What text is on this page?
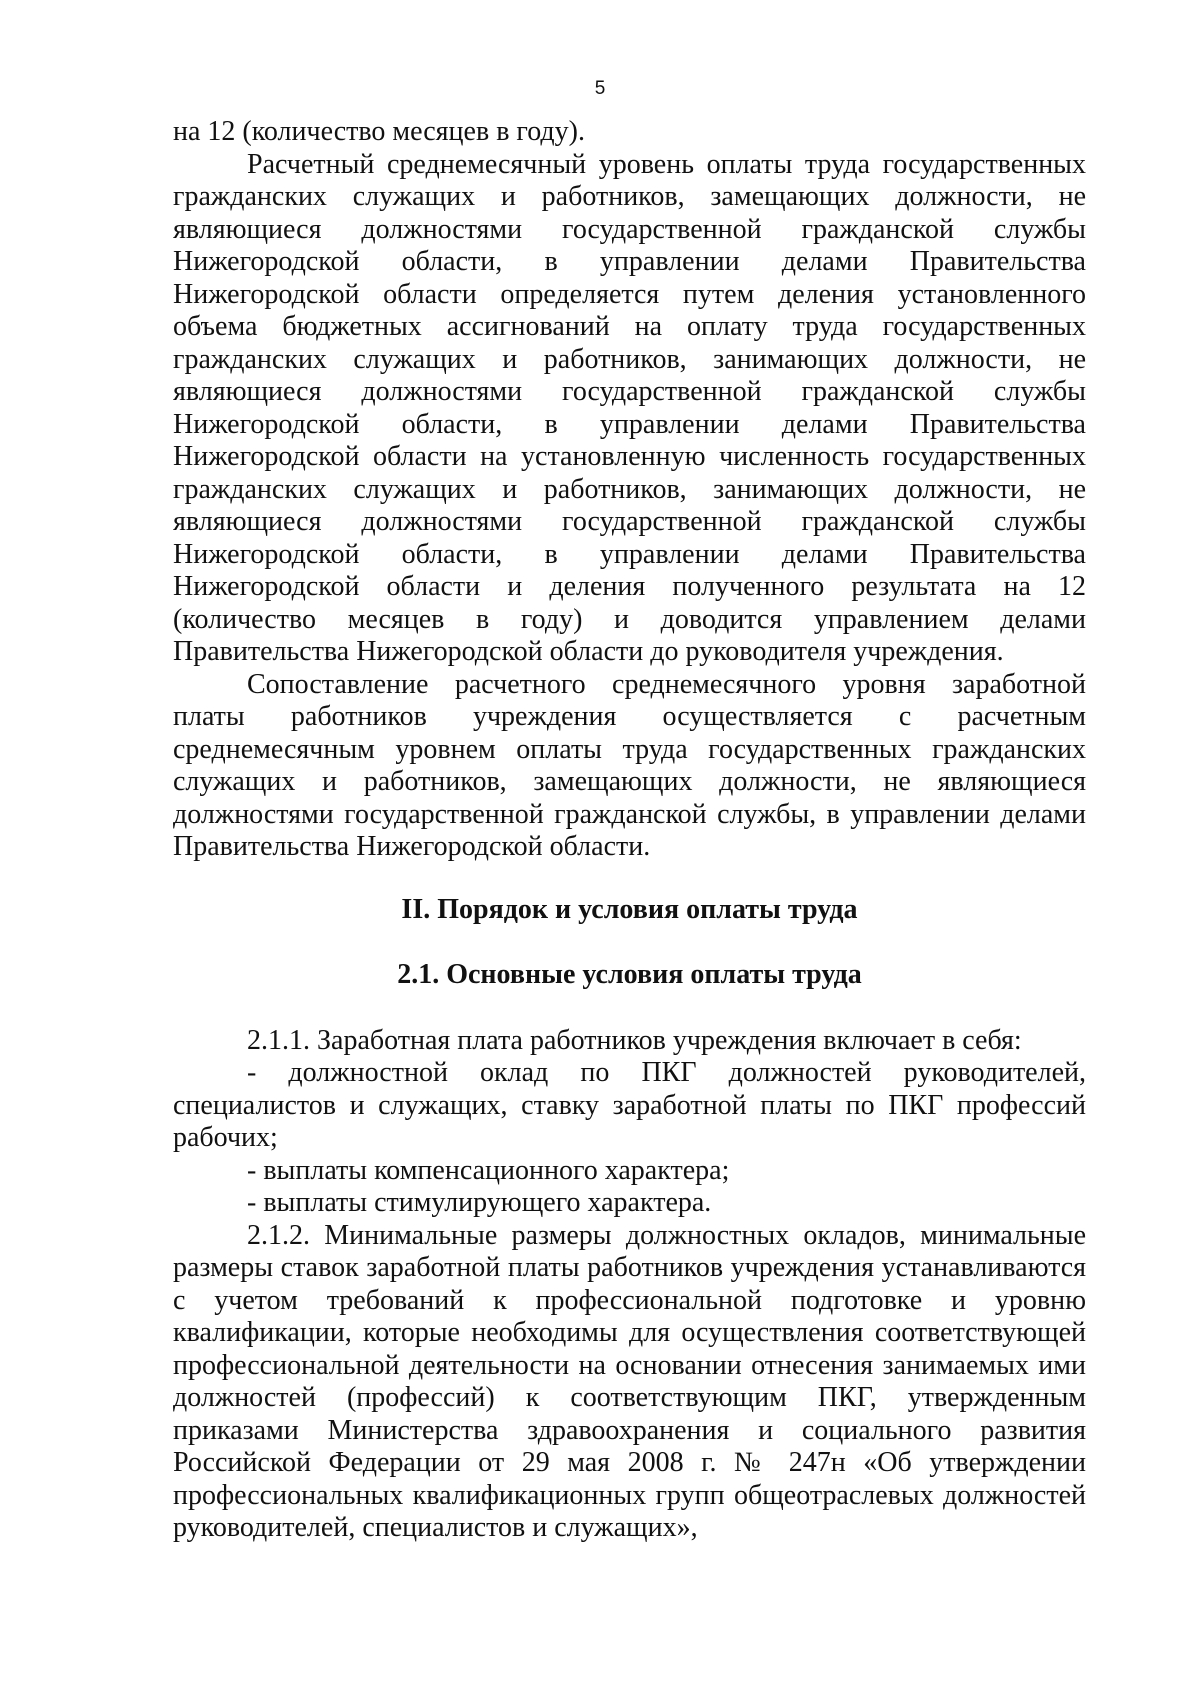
5

на 12 (количество месяцев в году).

Расчетный среднемесячный уровень оплаты труда государственных гражданских служащих и работников, замещающих должности, не являющиеся должностями государственной гражданской службы Нижегородской области, в управлении делами Правительства Нижегородской области определяется путем деления установленного объема бюджетных ассигнований на оплату труда государственных гражданских служащих и работников, занимающих должности, не являющиеся должностями государственной гражданской службы Нижегородской области, в управлении делами Правительства Нижегородской области на установленную численность государственных гражданских служащих и работников, занимающих должности, не являющиеся должностями государственной гражданской службы Нижегородской области, в управлении делами Правительства Нижегородской области и деления полученного результата на 12 (количество месяцев в году) и доводится управлением делами Правительства Нижегородской области до руководителя учреждения.

Сопоставление расчетного среднемесячного уровня заработной платы работников учреждения осуществляется с расчетным среднемесячным уровнем оплаты труда государственных гражданских служащих и работников, замещающих должности, не являющиеся должностями государственной гражданской службы, в управлении делами Правительства Нижегородской области.

II. Порядок и условия оплаты труда

2.1. Основные условия оплаты труда

2.1.1. Заработная плата работников учреждения включает в себя:

- должностной оклад по ПКГ должностей руководителей, специалистов и служащих, ставку заработной платы по ПКГ профессий рабочих;

- выплаты компенсационного характера;

- выплаты стимулирующего характера.

2.1.2. Минимальные размеры должностных окладов, минимальные размеры ставок заработной платы работников учреждения устанавливаются с учетом требований к профессиональной подготовке и уровню квалификации, которые необходимы для осуществления соответствующей профессиональной деятельности на основании отнесения занимаемых ими должностей (профессий) к соответствующим ПКГ, утвержденным приказами Министерства здравоохранения и социального развития Российской Федерации от 29 мая 2008 г. № 247н «Об утверждении профессиональных квалификационных групп общеотраслевых должностей руководителей, специалистов и служащих»,
